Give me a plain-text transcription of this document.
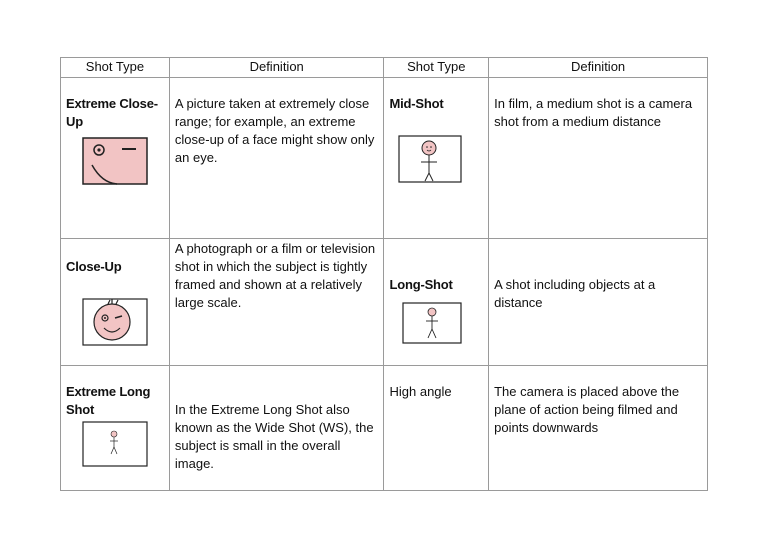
Shot Type	Definition	Shot Type	Definition

Extreme Close-Up	A picture taken at extremely close range; for example, an extreme close-up of a face might show only an eye.	Mid-Shot	In film, a medium shot is a camera shot from a medium distance

Close-Up	A photograph or a film or television shot in which the subject is tightly framed and shown at a relatively large scale.	Long-Shot	A shot including objects at a distance

Extreme Long Shot	In the Extreme Long Shot also known as the Wide Shot (WS), the subject is small in the overall image.	High angle	The camera is placed above the plane of action being filmed and points downwards
